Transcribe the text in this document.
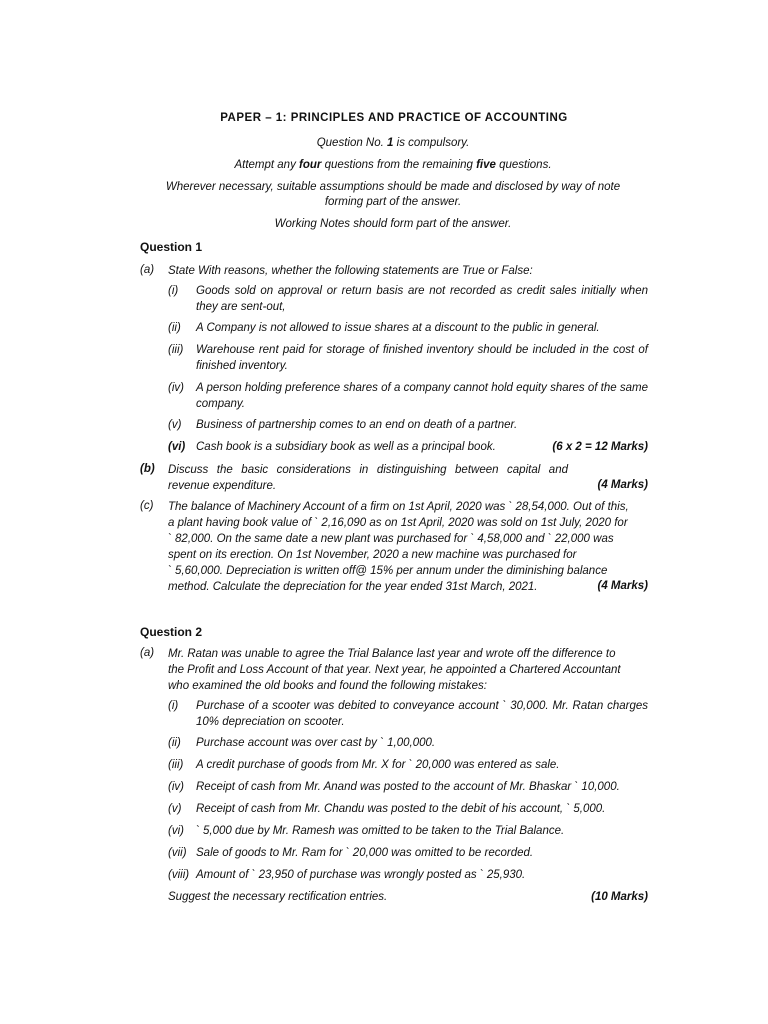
PAPER – 1: PRINCIPLES AND PRACTICE OF ACCOUNTING
Question No. 1 is compulsory.
Attempt any four questions from the remaining five questions.
Wherever necessary, suitable assumptions should be made and disclosed by way of note forming part of the answer.
Working Notes should form part of the answer.
Question 1
(a) State With reasons, whether the following statements are True or False:
(i) Goods sold on approval or return basis are not recorded as credit sales initially when they are sent-out,
(ii) A Company is not allowed to issue shares at a discount to the public in general.
(iii) Warehouse rent paid for storage of finished inventory should be included in the cost of finished inventory.
(iv) A person holding preference shares of a company cannot hold equity shares of the same company.
(v) Business of partnership comes to an end on death of a partner.
(vi) Cash book is a subsidiary book as well as a principal book.	(6 x 2 = 12 Marks)
(b) Discuss the basic considerations in distinguishing between capital and revenue expenditure.	(4 Marks)
(c) The balance of Machinery Account of a firm on 1st April, 2020 was ` 28,54,000. Out of this,
a plant having book value of ` 2,16,090 as on 1st April, 2020 was sold on 1st July, 2020 for
` 82,000. On the same date a new plant was purchased for ` 4,58,000 and ` 22,000 was
spent on its erection. On 1st November, 2020 a new machine was purchased for
` 5,60,000. Depreciation is written off@ 15% per annum under the diminishing balance
method. Calculate the depreciation for the year ended 31st March, 2021.	(4 Marks)
Question 2
(a) Mr. Ratan was unable to agree the Trial Balance last year and wrote off the difference to
the Profit and Loss Account of that year. Next year, he appointed a Chartered Accountant
who examined the old books and found the following mistakes:
(i) Purchase of a scooter was debited to conveyance account ` 30,000. Mr. Ratan charges 10% depreciation on scooter.
(ii) Purchase account was over cast by ` 1,00,000.
(iii) A credit purchase of goods from Mr. X for ` 20,000 was entered as sale.
(iv) Receipt of cash from Mr. Anand was posted to the account of Mr. Bhaskar ` 10,000.
(v) Receipt of cash from Mr. Chandu was posted to the debit of his account, ` 5,000.
(vi) ` 5,000 due by Mr. Ramesh was omitted to be taken to the Trial Balance.
(vii) Sale of goods to Mr. Ram for ` 20,000 was omitted to be recorded.
(viii) Amount of ` 23,950 of purchase was wrongly posted as ` 25,930.
Suggest the necessary rectification entries.	(10 Marks)
